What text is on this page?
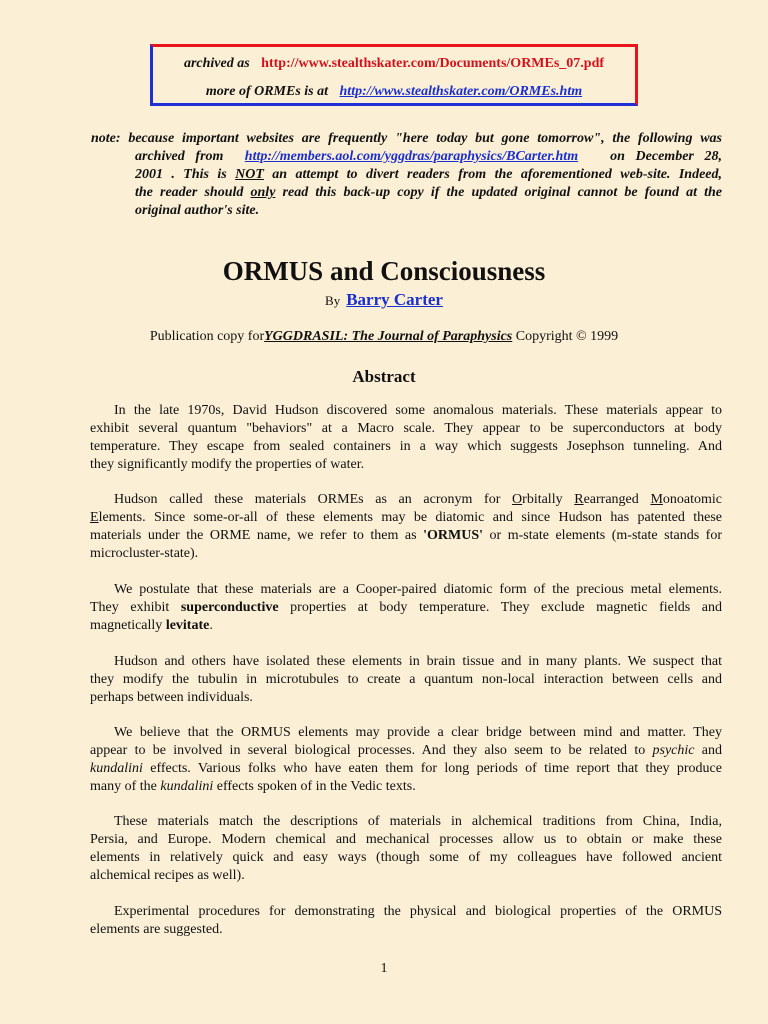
archived as http://www.stealthskater.com/Documents/ORMEs_07.pdf
more of ORMEs is at http://www.stealthskater.com/ORMEs.htm
note: because important websites are frequently "here today but gone tomorrow", the following was
archived from http://members.aol.com/yggdras/paraphysics/BCarter.htm on December 28,
2001 . This is NOT an attempt to divert readers from the aforementioned web-site. Indeed,
the reader should only read this back-up copy if the updated original cannot be found at the
original author's site.
ORMUS and Consciousness
By Barry Carter
Publication copy forYGGDRASIL: The Journal of Paraphysics Copyright © 1999
Abstract
In the late 1970s, David Hudson discovered some anomalous materials. These materials appear to
exhibit several quantum "behaviors" at a Macro scale. They appear to be superconductors at body
temperature. They escape from sealed containers in a way which suggests Josephson tunneling. And
they significantly modify the properties of water.
Hudson called these materials ORMEs as an acronym for Orbitally Rearranged Monoatomic
Elements. Since some-or-all of these elements may be diatomic and since Hudson has patented these
materials under the ORME name, we refer to them as 'ORMUS' or m-state elements (m-state stands for
microcluster-state).
We postulate that these materials are a Cooper-paired diatomic form of the precious metal elements.
They exhibit superconductive properties at body temperature. They exclude magnetic fields and
magnetically levitate.
Hudson and others have isolated these elements in brain tissue and in many plants. We suspect that
they modify the tubulin in microtubules to create a quantum non-local interaction between cells and
perhaps between individuals.
We believe that the ORMUS elements may provide a clear bridge between mind and matter. They
appear to be involved in several biological processes. And they also seem to be related to psychic and
kundalini effects. Various folks who have eaten them for long periods of time report that they produce
many of the kundalini effects spoken of in the Vedic texts.
These materials match the descriptions of materials in alchemical traditions from China, India,
Persia, and Europe. Modern chemical and mechanical processes allow us to obtain or make these
elements in relatively quick and easy ways (though some of my colleagues have followed ancient
alchemical recipes as well).
Experimental procedures for demonstrating the physical and biological properties of the ORMUS
elements are suggested.
1
